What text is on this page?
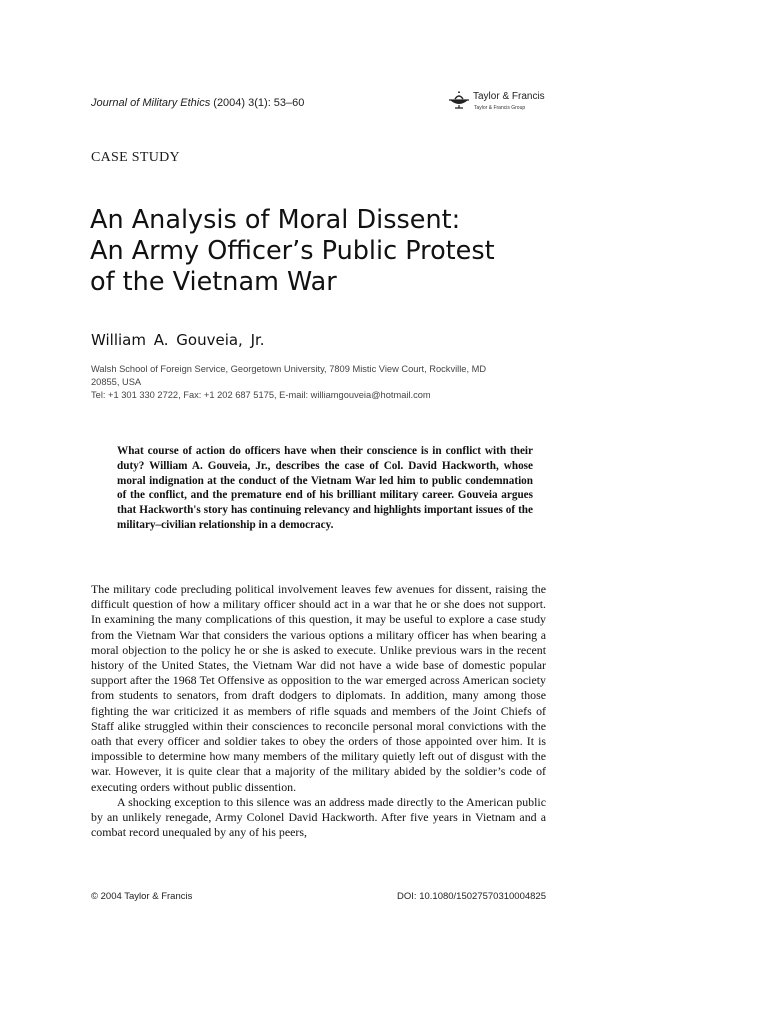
Journal of Military Ethics (2004) 3(1): 53–60
Taylor & Francis
Taylor & Francis Group
CASE STUDY
An Analysis of Moral Dissent:
An Army Officer’s Public Protest
of the Vietnam War
William A. Gouveia, Jr.
Walsh School of Foreign Service, Georgetown University, 7809 Mistic View Court, Rockville, MD
20855, USA
Tel: +1 301 330 2722, Fax: +1 202 687 5175, E-mail: williamgouveia@hotmail.com

What course of action do officers have when their conscience is in conflict with their duty? William A. Gouveia, Jr., describes the case of Col. David Hackworth, whose moral indignation at the conduct of the Vietnam War led him to public condemnation of the conflict, and the premature end of his brilliant military career. Gouveia argues that Hackworth's story has continuing relevancy and highlights important issues of the military–civilian relationship in a democracy.

The military code precluding political involvement leaves few avenues for dissent, raising the difficult question of how a military officer should act in a war that he or she does not support. In examining the many complications of this question, it may be useful to explore a case study from the Vietnam War that considers the various options a military officer has when bearing a moral objection to the policy he or she is asked to execute. Unlike previous wars in the recent history of the United States, the Vietnam War did not have a wide base of domestic popular support after the 1968 Tet Offensive as opposition to the war emerged across American society from students to senators, from draft dodgers to diplomats. In addition, many among those fighting the war criticized it as members of rifle squads and members of the Joint Chiefs of Staff alike struggled within their consciences to reconcile personal moral convictions with the oath that every officer and soldier takes to obey the orders of those appointed over him. It is impossible to determine how many members of the military quietly left out of disgust with the war. However, it is quite clear that a majority of the military abided by the soldier’s code of executing orders without public dissention.

A shocking exception to this silence was an address made directly to the American public by an unlikely renegade, Army Colonel David Hackworth. After five years in Vietnam and a combat record unequaled by any of his peers,

© 2004 Taylor & Francis	DOI: 10.1080/15027570310004825
